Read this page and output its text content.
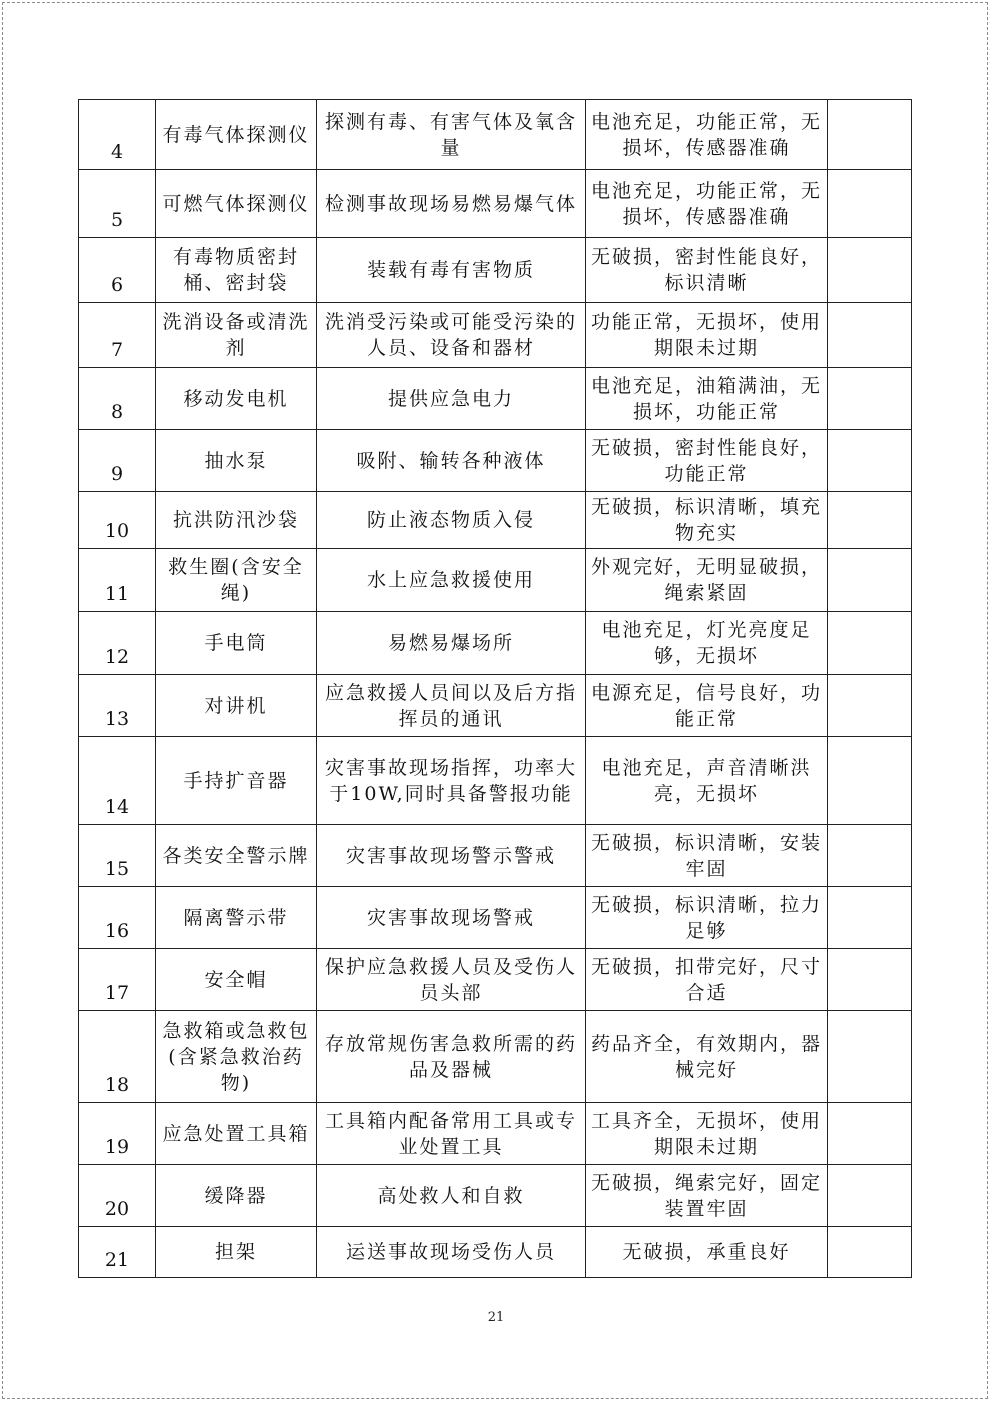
4	有毒气体探测仪	探测有毒、有害气体及氧含量	电池充足，功能正常，无损坏，传感器准确	
5	可燃气体探测仪	检测事故现场易燃易爆气体	电池充足，功能正常，无损坏，传感器准确	
6	有毒物质密封桶、密封袋	装载有毒有害物质	无破损，密封性能良好，标识清晰	
7	洗消设备或清洗剂	洗消受污染或可能受污染的人员、设备和器材	功能正常，无损坏，使用期限未过期	
8	移动发电机	提供应急电力	电池充足，油箱满油，无损坏，功能正常	
9	抽水泵	吸附、输转各种液体	无破损，密封性能良好，功能正常	
10	抗洪防汛沙袋	防止液态物质入侵	无破损，标识清晰，填充物充实	
11	救生圈(含安全绳)	水上应急救援使用	外观完好，无明显破损，绳索紧固	
12	手电筒	易燃易爆场所	电池充足，灯光亮度足够，无损坏	
13	对讲机	应急救援人员间以及后方指挥员的通讯	电源充足，信号良好，功能正常	
14	手持扩音器	灾害事故现场指挥，功率大于10W,同时具备警报功能	电池充足，声音清晰洪亮，无损坏	
15	各类安全警示牌	灾害事故现场警示警戒	无破损，标识清晰，安装牢固	
16	隔离警示带	灾害事故现场警戒	无破损，标识清晰，拉力足够	
17	安全帽	保护应急救援人员及受伤人员头部	无破损，扣带完好，尺寸合适	
18	急救箱或急救包(含紧急救治药物)	存放常规伤害急救所需的药品及器械	药品齐全，有效期内，器械完好	
19	应急处置工具箱	工具箱内配备常用工具或专业处置工具	工具齐全，无损坏，使用期限未过期	
20	缓降器	高处救人和自救	无破损，绳索完好，固定装置牢固	
21	担架	运送事故现场受伤人员	无破损，承重良好	
21
